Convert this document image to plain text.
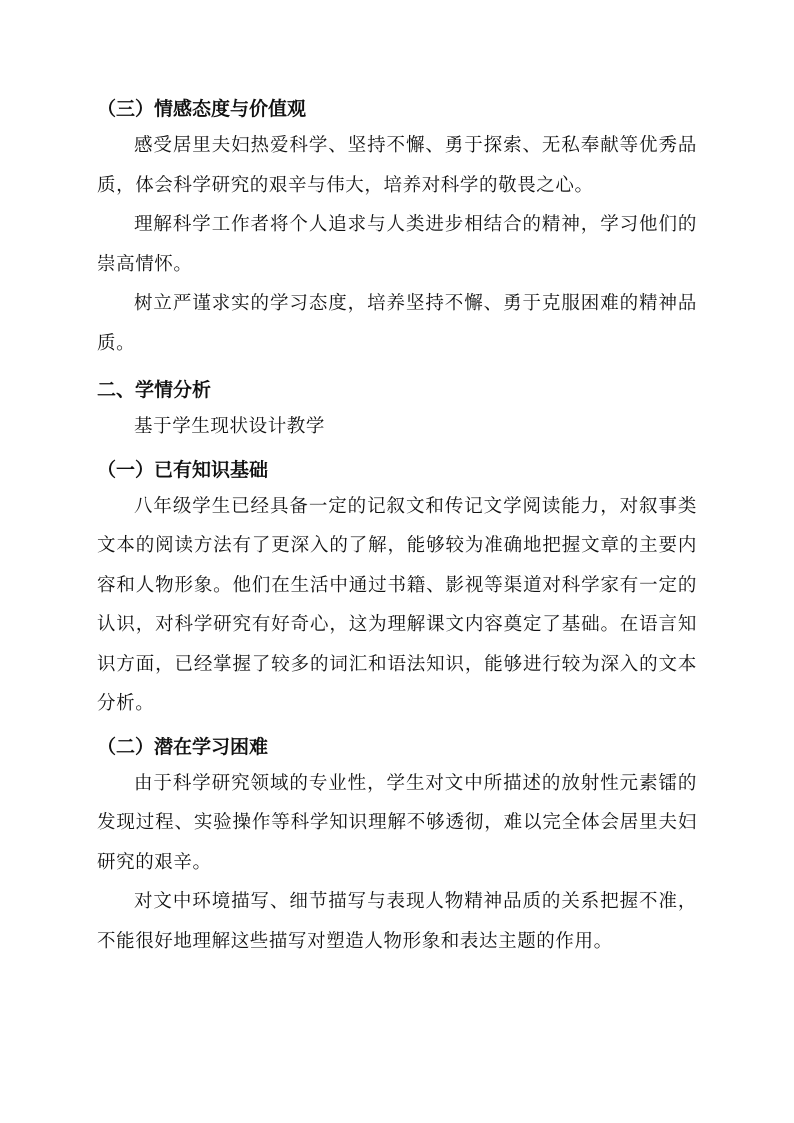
（三）情感态度与价值观

感受居里夫妇热爱科学、坚持不懈、勇于探索、无私奉献等优秀品质，体会科学研究的艰辛与伟大，培养对科学的敬畏之心。

理解科学工作者将个人追求与人类进步相结合的精神，学习他们的崇高情怀。

树立严谨求实的学习态度，培养坚持不懈、勇于克服困难的精神品质。

二、学情分析

基于学生现状设计教学

（一）已有知识基础

八年级学生已经具备一定的记叙文和传记文学阅读能力，对叙事类文本的阅读方法有了更深入的了解，能够较为准确地把握文章的主要内容和人物形象。他们在生活中通过书籍、影视等渠道对科学家有一定的认识，对科学研究有好奇心，这为理解课文内容奠定了基础。在语言知识方面，已经掌握了较多的词汇和语法知识，能够进行较为深入的文本分析。

（二）潜在学习困难

由于科学研究领域的专业性，学生对文中所描述的放射性元素镭的发现过程、实验操作等科学知识理解不够透彻，难以完全体会居里夫妇研究的艰辛。

对文中环境描写、细节描写与表现人物精神品质的关系把握不准，不能很好地理解这些描写对塑造人物形象和表达主题的作用。
